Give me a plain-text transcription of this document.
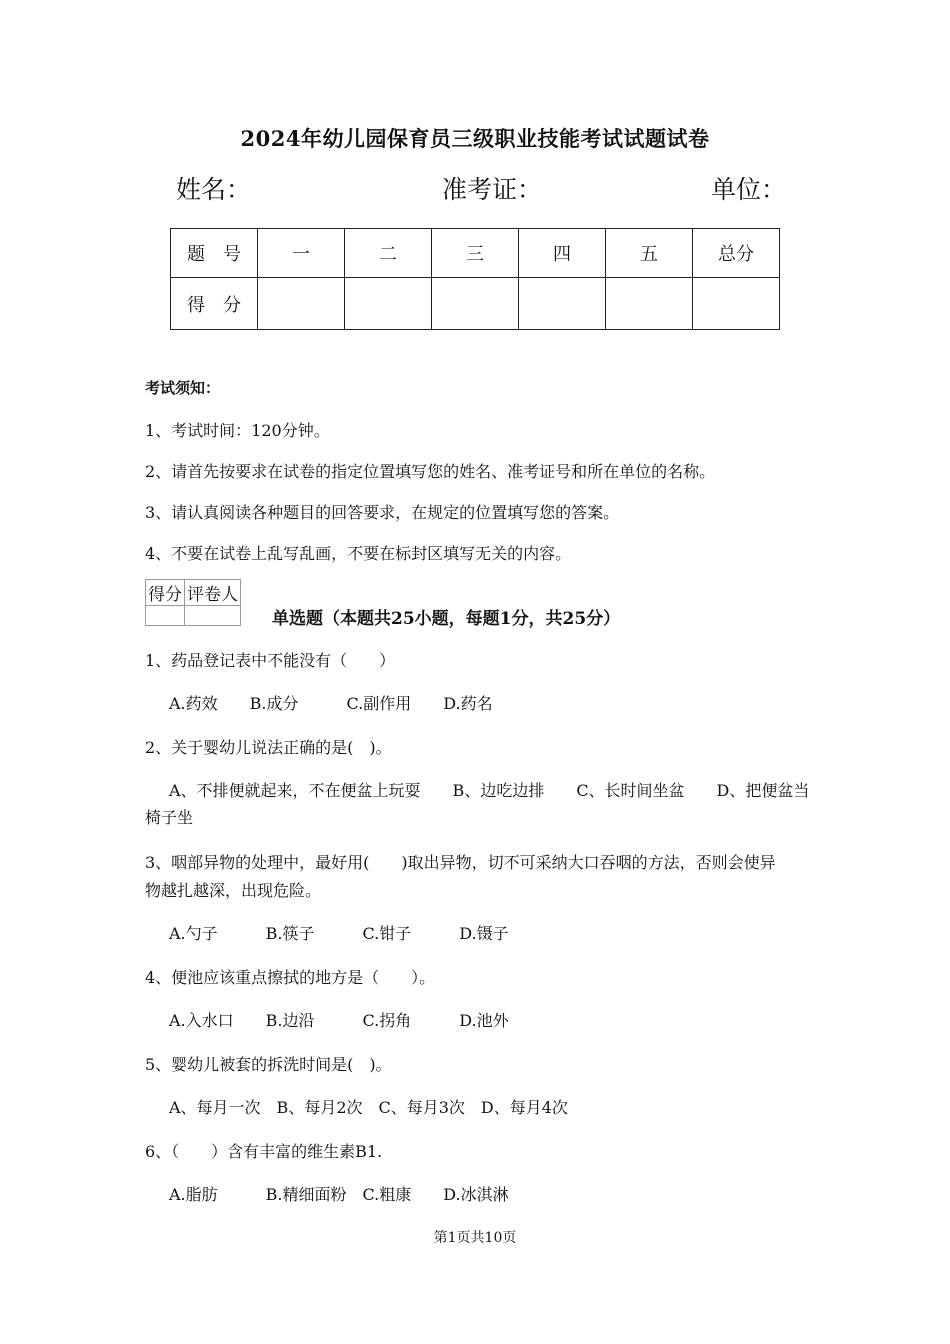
2024年幼儿园保育员三级职业技能考试试题试卷
姓名：	准考证：	单位：
题　号	一	二	三	四	五	总分
得　分						
考试须知：
1、考试时间：120分钟。
2、请首先按要求在试卷的指定位置填写您的姓名、准考证号和所在单位的名称。
3、请认真阅读各种题目的回答要求，在规定的位置填写您的答案。
4、不要在试卷上乱写乱画，不要在标封区填写无关的内容。
得分	评卷人

单选题（本题共25小题，每题1分，共25分）
1、药品登记表中不能没有（　　）
A.药效　　B.成分　　　C.副作用　　D.药名
2、关于婴幼儿说法正确的是(　)。
A、不排便就起来，不在便盆上玩耍　　B、边吃边排　　C、长时间坐盆　　D、把便盆当
椅子坐
3、咽部异物的处理中，最好用(　　)取出异物，切不可采纳大口吞咽的方法，否则会使异
物越扎越深，出现危险。
A.勺子　　　B.筷子　　　C.钳子　　　D.镊子
4、便池应该重点擦拭的地方是（　　）。
A.入水口　　B.边沿　　　C.拐角　　　D.池外
5、婴幼儿被套的拆洗时间是(　)。
A、每月一次　B、每月2次　C、每月3次　D、每月4次
6、（　　）含有丰富的维生素B1.
A.脂肪　　　B.精细面粉　C.粗康　　D.冰淇淋
第1页共10页
